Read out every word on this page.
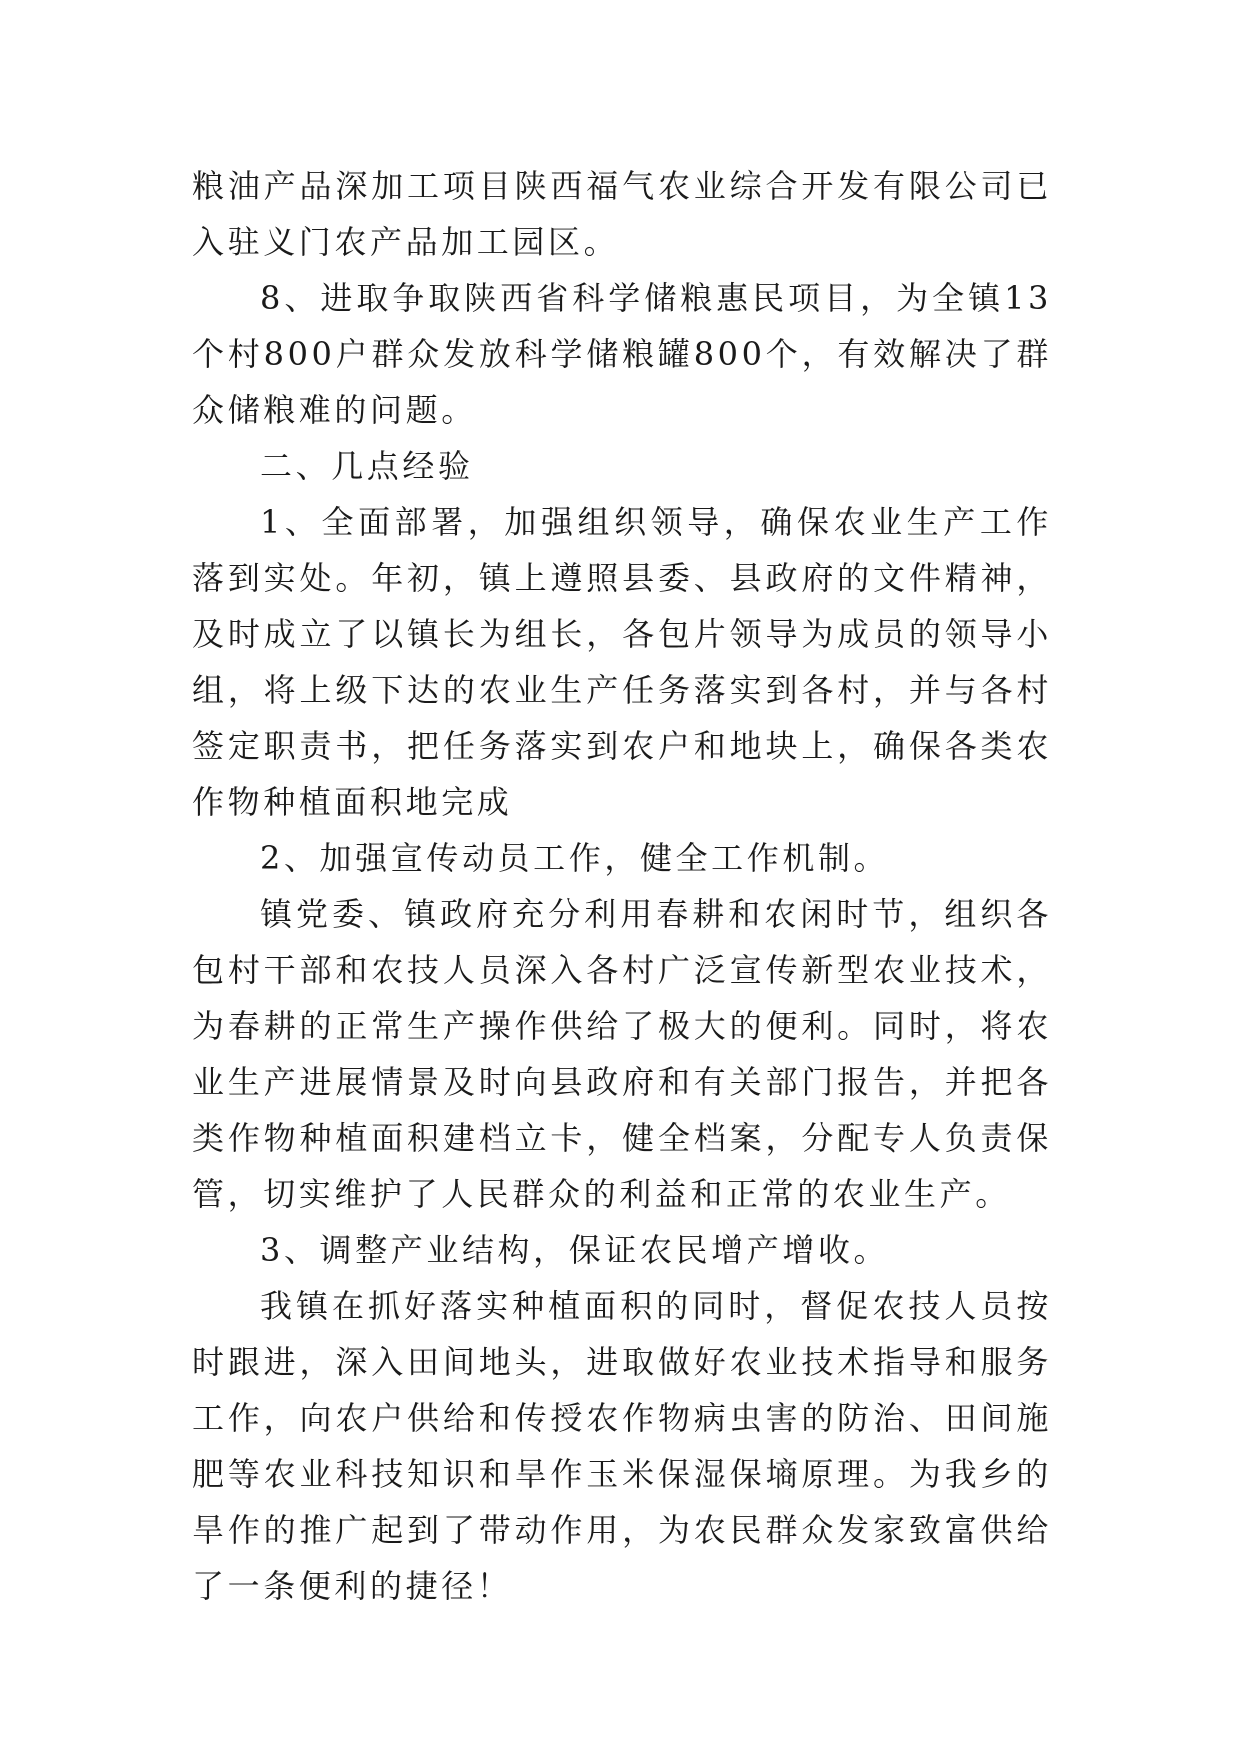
粮油产品深加工项目陕西福气农业综合开发有限公司已入驻义门农产品加工园区。

8、进取争取陕西省科学储粮惠民项目，为全镇13个村800户群众发放科学储粮罐800个，有效解决了群众储粮难的问题。

二、几点经验

1、全面部署，加强组织领导，确保农业生产工作落到实处。年初，镇上遵照县委、县政府的文件精神，及时成立了以镇长为组长，各包片领导为成员的领导小组，将上级下达的农业生产任务落实到各村，并与各村签定职责书，把任务落实到农户和地块上，确保各类农作物种植面积地完成

2、加强宣传动员工作，健全工作机制。

镇党委、镇政府充分利用春耕和农闲时节，组织各包村干部和农技人员深入各村广泛宣传新型农业技术，为春耕的正常生产操作供给了极大的便利。同时，将农业生产进展情景及时向县政府和有关部门报告，并把各类作物种植面积建档立卡，健全档案，分配专人负责保管，切实维护了人民群众的利益和正常的农业生产。

3、调整产业结构，保证农民增产增收。

我镇在抓好落实种植面积的同时，督促农技人员按时跟进，深入田间地头，进取做好农业技术指导和服务工作，向农户供给和传授农作物病虫害的防治、田间施肥等农业科技知识和旱作玉米保湿保墒原理。为我乡的旱作的推广起到了带动作用，为农民群众发家致富供给了一条便利的捷径！
